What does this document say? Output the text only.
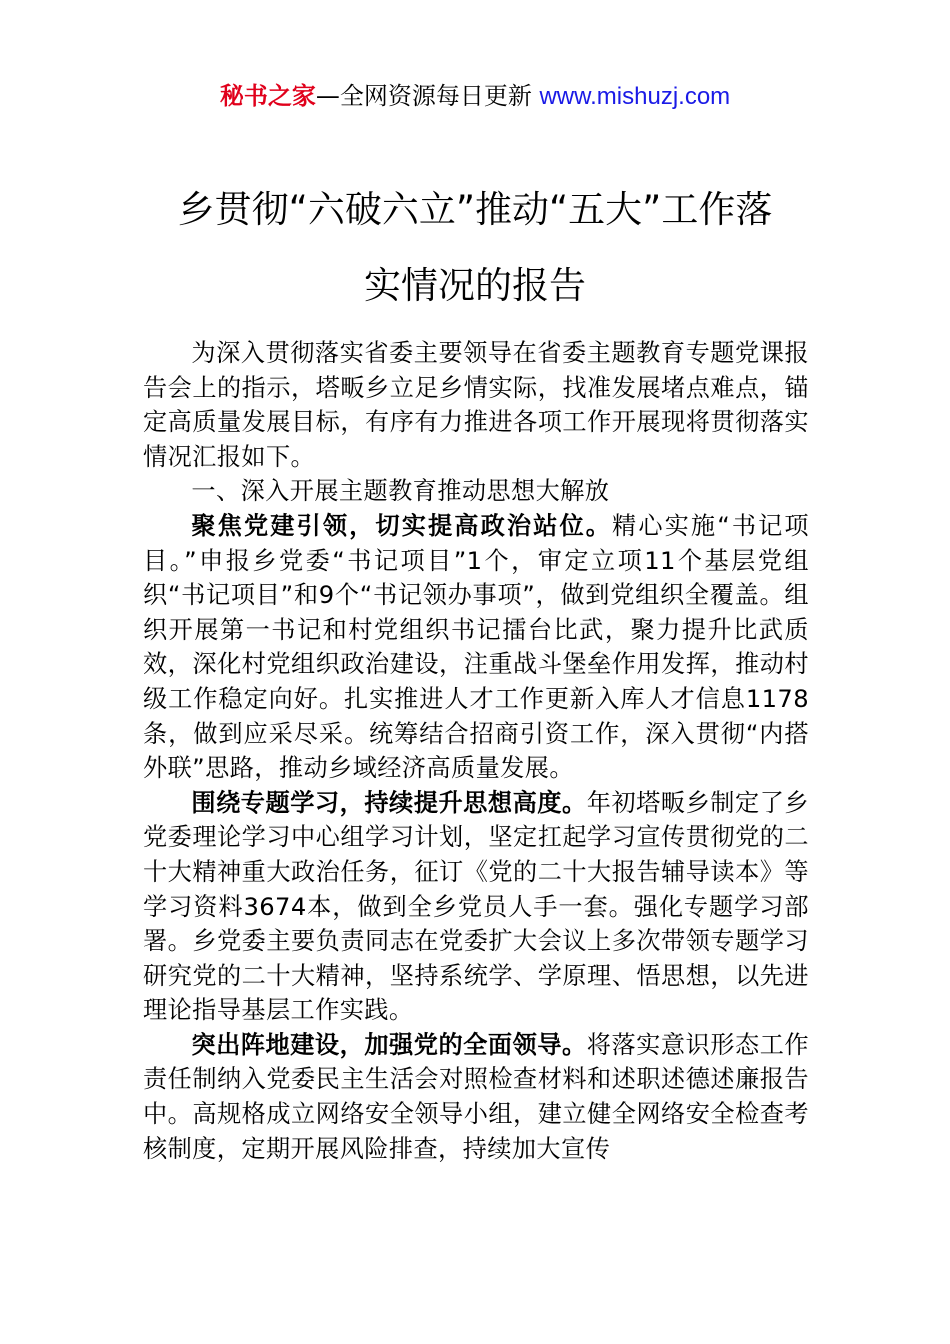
秘书之家—全网资源每日更新 www.mishuzj.com
乡贯彻“六破六立”推动“五大”工作落
实情况的报告

为深入贯彻落实省委主要领导在省委主题教育专题党课报告会上的指示，塔畈乡立足乡情实际，找准发展堵点难点，锚定高质量发展目标，有序有力推进各项工作开展现将贯彻落实情况汇报如下。

一、深入开展主题教育推动思想大解放

聚焦党建引领，切实提高政治站位。精心实施“书记项目。”申报乡党委“书记项目”1个，审定立项11个基层党组织“书记项目”和9个“书记领办事项”，做到党组织全覆盖。组织开展第一书记和村党组织书记擂台比武，聚力提升比武质效，深化村党组织政治建设，注重战斗堡垒作用发挥，推动村级工作稳定向好。扎实推进人才工作更新入库人才信息1178条，做到应采尽采。统筹结合招商引资工作，深入贯彻“内搭外联”思路，推动乡域经济高质量发展。

围绕专题学习，持续提升思想高度。年初塔畈乡制定了乡党委理论学习中心组学习计划，坚定扛起学习宣传贯彻党的二十大精神重大政治任务，征订《党的二十大报告辅导读本》等学习资料3674本，做到全乡党员人手一套。强化专题学习部署。乡党委主要负责同志在党委扩大会议上多次带领专题学习研究党的二十大精神，坚持系统学、学原理、悟思想，以先进理论指导基层工作实践。

突出阵地建设，加强党的全面领导。将落实意识形态工作责任制纳入党委民主生活会对照检查材料和述职述德述廉报告中。高规格成立网络安全领导小组，建立健全网络安全检查考核制度，定期开展风险排查，持续加大宣传
